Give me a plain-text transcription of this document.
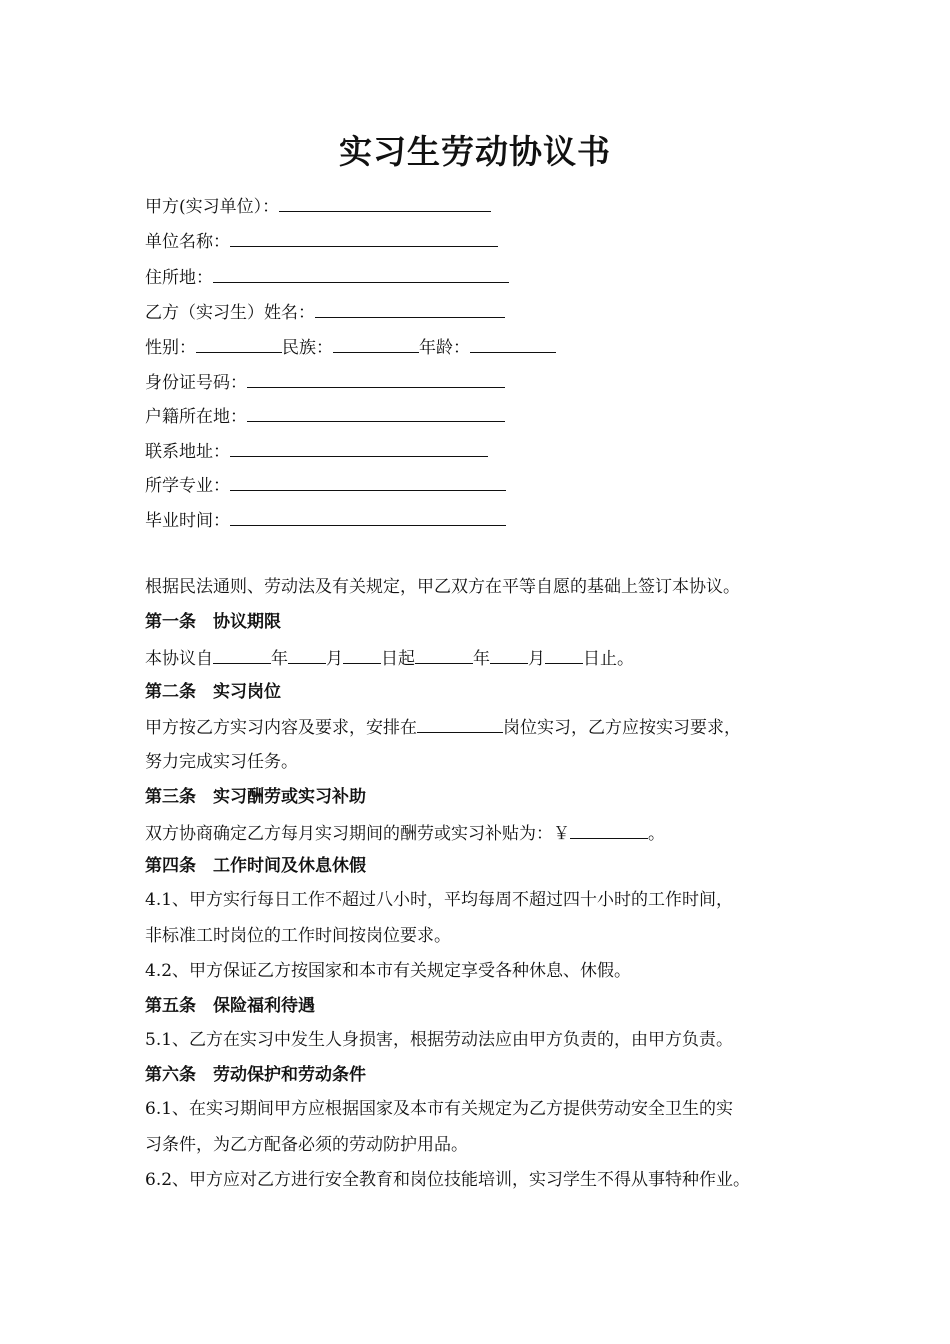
实习生劳动协议书
甲方(实习单位）：
单位名称：
住所地：
乙方（实习生）姓名：
性别：	民族：	年龄：
身份证号码：
户籍所在地：
联系地址：
所学专业：
毕业时间：
根据民法通则、劳动法及有关规定，甲乙双方在平等自愿的基础上签订本协议。
第一条　协议期限
本协议自	年 月 日起	年 月 日止。
第二条　实习岗位
甲方按乙方实习内容及要求，安排在	岗位实习，乙方应按实习要求，
努力完成实习任务。
第三条　实习酬劳或实习补助
双方协商确定乙方每月实习期间的酬劳或实习补贴为：￥	。
第四条　工作时间及休息休假
4.1、甲方实行每日工作不超过八小时，平均每周不超过四十小时的工作时间，
非标准工时岗位的工作时间按岗位要求。
4.2、甲方保证乙方按国家和本市有关规定享受各种休息、休假。
第五条　保险福利待遇
5.1、乙方在实习中发生人身损害，根据劳动法应由甲方负责的，由甲方负责。
第六条　劳动保护和劳动条件
6.1、在实习期间甲方应根据国家及本市有关规定为乙方提供劳动安全卫生的实
习条件，为乙方配备必须的劳动防护用品。
6.2、甲方应对乙方进行安全教育和岗位技能培训，实习学生不得从事特种作业。
